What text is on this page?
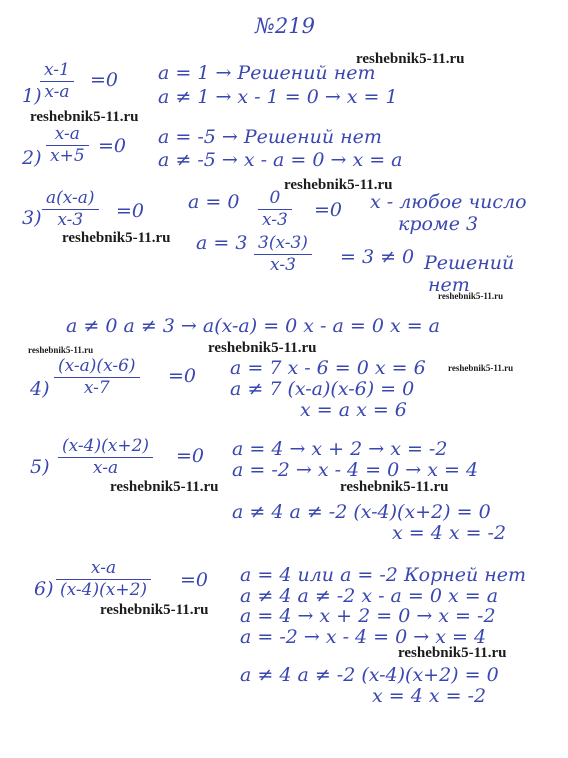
№219
1)
x-1
x-a
=0 a = 1 → Решений нет
a ≠ 1 → x - 1 = 0 → x = 1
2)
x-a
x+5 =0 a = -5 → Решений нет
a ≠ -5 → x - a = 0 → x = a
3)
a(x-a)
x-3 =0 a = 0 0
x-3 =0 x - любое число
кроме 3
a = 3 3(x-3)
x-3 = 3 ≠ 0 Решений
нет
a ≠ 0 a ≠ 3 → a(x-a) = 0 x - a = 0 x = a
4)
(x-a)(x-6)
x-7
=0 a = 7 x - 6 = 0 x = 6
a ≠ 7 (x-a)(x-6) = 0
x = a x = 6
5)
(x-4)(x+2)
x-a
=0 a = 4 → x + 2 → x = -2
a = -2 → x - 4 = 0 → x = 4
a ≠ 4 a ≠ -2 (x-4)(x+2) = 0
x = 4 x = -2
6)
x-a
(x-4)(x+2) =0 a = 4 или a = -2 Корней нет
a ≠ 4 a ≠ -2 x - a = 0 x = a
a = 4 → x + 2 = 0 → x = -2
a = -2 → x - 4 = 0 → x = 4
a ≠ 4 a ≠ -2 (x-4)(x+2) = 0
x = 4 x = -2
reshebnik5-11.ru
reshebnik5-11.ru
reshebnik5-11.ru
reshebnik5-11.ru
reshebnik5-11.ru
reshebnik5-11.ru	reshebnik5-11.ru
reshebnik5-11.ru
reshebnik5-11.ru	reshebnik5-11.ru
reshebnik5-11.ru
reshebnik5-11.ru
